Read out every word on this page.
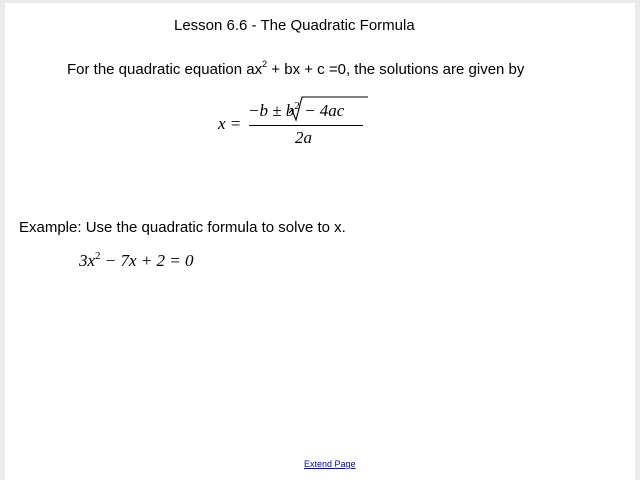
Lesson 6.6 - The Quadratic Formula
For the quadratic equation $ax^2$ + bx + c =0, the solutions are given by
x =
$-b \pm b^2 - 4ac$
2a
Example: Use the quadratic formula to solve to x.
$3x^2 - 7x + 2 = 0$
Extend Page
